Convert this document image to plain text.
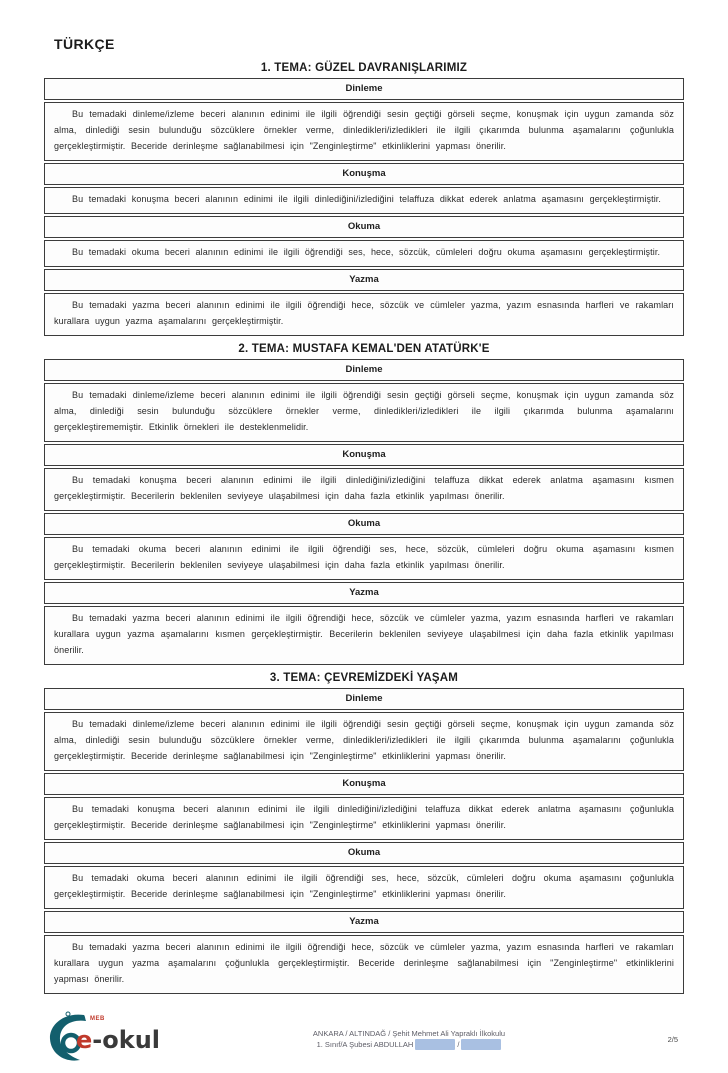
TÜRKÇE
1. TEMA: GÜZEL DAVRANIŞLARIMIZ
Dinleme
Bu temadaki dinleme/izleme beceri alanının edinimi ile ilgili öğrendiği sesin geçtiği görseli seçme, konuşmak için uygun zamanda söz alma, dinlediği sesin bulunduğu sözcüklere örnekler verme, dinledikleri/izledikleri ile ilgili çıkarımda bulunma aşamalarını çoğunlukla gerçekleştirmiştir. Beceride derinleşme sağlanabilmesi için "Zenginleştirme" etkinliklerini yapması önerilir.
Konuşma
Bu temadaki konuşma beceri alanının edinimi ile ilgili dinlediğini/izlediğini telaffuza dikkat ederek anlatma aşamasını gerçekleştirmiştir.
Okuma
Bu temadaki okuma beceri alanının edinimi ile ilgili öğrendiği ses, hece, sözcük, cümleleri doğru okuma aşamasını gerçekleştirmiştir.
Yazma
Bu temadaki yazma beceri alanının edinimi ile ilgili öğrendiği hece, sözcük ve cümleler yazma, yazım esnasında harfleri ve rakamları kurallara uygun yazma aşamalarını gerçekleştirmiştir.
2. TEMA: MUSTAFA KEMAL'DEN ATATÜRK'E
Dinleme
Bu temadaki dinleme/izleme beceri alanının edinimi ile ilgili öğrendiği sesin geçtiği görseli seçme, konuşmak için uygun zamanda söz alma, dinlediği sesin bulunduğu sözcüklere örnekler verme, dinledikleri/izledikleri ile ilgili çıkarımda bulunma aşamalarını gerçekleştirememiştir. Etkinlik örnekleri ile desteklenmelidir.
Konuşma
Bu temadaki konuşma beceri alanının edinimi ile ilgili dinlediğini/izlediğini telaffuza dikkat ederek anlatma aşamasını kısmen gerçekleştirmiştir. Becerilerin beklenilen seviyeye ulaşabilmesi için daha fazla etkinlik yapılması önerilir.
Okuma
Bu temadaki okuma beceri alanının edinimi ile ilgili öğrendiği ses, hece, sözcük, cümleleri doğru okuma aşamasını kısmen gerçekleştirmiştir. Becerilerin beklenilen seviyeye ulaşabilmesi için daha fazla etkinlik yapılması önerilir.
Yazma
Bu temadaki yazma beceri alanının edinimi ile ilgili öğrendiği hece, sözcük ve cümleler yazma, yazım esnasında harfleri ve rakamları kurallara uygun yazma aşamalarını kısmen gerçekleştirmiştir. Becerilerin beklenilen seviyeye ulaşabilmesi için daha fazla etkinlik yapılması önerilir.
3. TEMA: ÇEVREMİZDEKİ YAŞAM
Dinleme
Bu temadaki dinleme/izleme beceri alanının edinimi ile ilgili öğrendiği sesin geçtiği görseli seçme, konuşmak için uygun zamanda söz alma, dinlediği sesin bulunduğu sözcüklere örnekler verme, dinledikleri/izledikleri ile ilgili çıkarımda bulunma aşamalarını çoğunlukla gerçekleştirmiştir. Beceride derinleşme sağlanabilmesi için "Zenginleştirme" etkinliklerini yapması önerilir.
Konuşma
Bu temadaki konuşma beceri alanının edinimi ile ilgili dinlediğini/izlediğini telaffuza dikkat ederek anlatma aşamasını çoğunlukla gerçekleştirmiştir. Beceride derinleşme sağlanabilmesi için "Zenginleştirme" etkinliklerini yapması önerilir.
Okuma
Bu temadaki okuma beceri alanının edinimi ile ilgili öğrendiği ses, hece, sözcük, cümleleri doğru okuma aşamasını çoğunlukla gerçekleştirmiştir. Beceride derinleşme sağlanabilmesi için "Zenginleştirme" etkinliklerini yapması önerilir.
Yazma
Bu temadaki yazma beceri alanının edinimi ile ilgili öğrendiği hece, sözcük ve cümleler yazma, yazım esnasında harfleri ve rakamları kurallara uygun yazma aşamalarını çoğunlukla gerçekleştirmiştir. Beceride derinleşme sağlanabilmesi için "Zenginleştirme" etkinliklerini yapması önerilir.
MEB
e-okul	ANKARA / ALTINDAĞ / Şehit Mehmet Ali Yapraklı İlkokulu
1. Sınıf/A Şubesi ABDULLAH	/
2/5
